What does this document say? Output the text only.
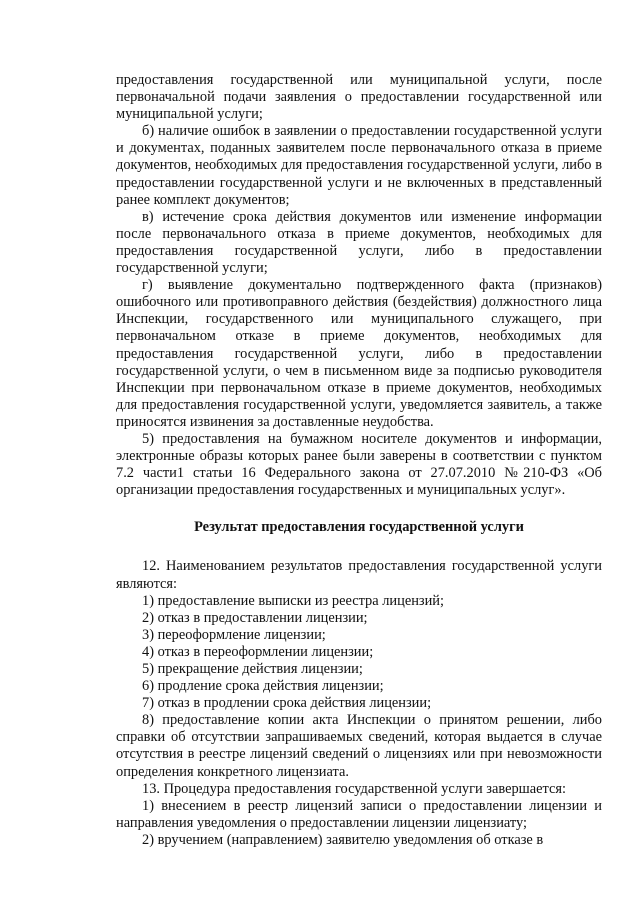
предоставления государственной или муниципальной услуги, после первоначальной подачи заявления о предоставлении государственной или муниципальной услуги;

б) наличие ошибок в заявлении о предоставлении государственной услуги и документах, поданных заявителем после первоначального отказа в приеме документов, необходимых для предоставления государственной услуги, либо в предоставлении государственной услуги и не включенных в представленный ранее комплект документов;

в) истечение срока действия документов или изменение информации после первоначального отказа в приеме документов, необходимых для предоставления государственной услуги, либо в предоставлении государственной услуги;

г) выявление документально подтвержденного факта (признаков) ошибочного или противоправного действия (бездействия) должностного лица Инспекции, государственного или муниципального служащего, при первоначальном отказе в приеме документов, необходимых для предоставления государственной услуги, либо в предоставлении государственной услуги, о чем в письменном виде за подписью руководителя Инспекции при первоначальном отказе в приеме документов, необходимых для предоставления государственной услуги, уведомляется заявитель, а также приносятся извинения за доставленные неудобства.

5) предоставления на бумажном носителе документов и информации, электронные образы которых ранее были заверены в соответствии с пунктом 7.2 части1 статьи 16 Федерального закона от 27.07.2010 №210-ФЗ «Об организации предоставления государственных и муниципальных услуг».

Результат предоставления государственной услуги

12. Наименованием результатов предоставления государственной услуги являются:

1) предоставление выписки из реестра лицензий;

2) отказ в предоставлении лицензии;

3) переоформление лицензии;

4) отказ в переоформлении лицензии;

5) прекращение действия лицензии;

6) продление срока действия лицензии;

7) отказ в продлении срока действия лицензии;

8) предоставление копии акта Инспекции о принятом решении, либо справки об отсутствии запрашиваемых сведений, которая выдается в случае отсутствия в реестре лицензий сведений о лицензиях или при невозможности определения конкретного лицензиата.

13. Процедура предоставления государственной услуги завершается:

1) внесением в реестр лицензий записи о предоставлении лицензии и направления уведомления о предоставлении лицензии лицензиату;

2) вручением (направлением) заявителю уведомления об отказе в
